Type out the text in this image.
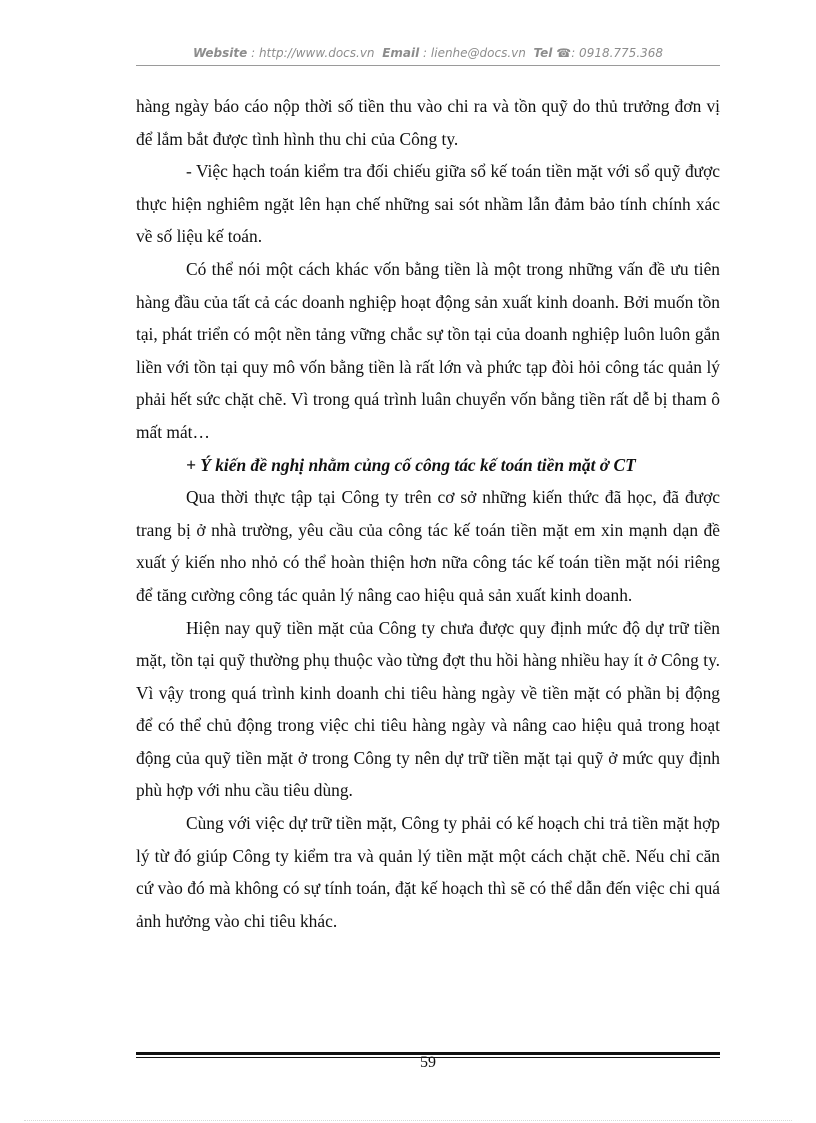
Website : http://www.docs.vn Email : lienhe@docs.vn Tel ☎: 0918.775.368

hàng ngày báo cáo nộp thời số tiền thu vào chi ra và tồn quỹ do thủ trưởng đơn vị để lắm bắt được tình hình thu chi của Công ty.

- Việc hạch toán kiểm tra đối chiếu giữa sổ kế toán tiền mặt với sổ quỹ được thực hiện nghiêm ngặt lên hạn chế những sai sót nhầm lẫn đảm bảo tính chính xác về số liệu kế toán.

Có thể nói một cách khác vốn bằng tiền là một trong những vấn đề ưu tiên hàng đầu của tất cả các doanh nghiệp hoạt động sản xuất kinh doanh. Bởi muốn tồn tại, phát triển có một nền tảng vững chắc sự tồn tại của doanh nghiệp luôn luôn gắn liền với tồn tại quy mô vốn bằng tiền là rất lớn và phức tạp đòi hỏi công tác quản lý phải hết sức chặt chẽ. Vì trong quá trình luân chuyển vốn bằng tiền rất dễ bị tham ô mất mát…

+ Ý kiến đề nghị nhằm củng cố công tác kế toán tiền mặt ở CT

Qua thời thực tập tại Công ty trên cơ sở những kiến thức đã học, đã được trang bị ở nhà trường, yêu cầu của công tác kế toán tiền mặt em xin mạnh dạn đề xuất ý kiến nho nhỏ có thể hoàn thiện hơn nữa công tác kế toán tiền mặt nói riêng để tăng cường công tác quản lý nâng cao hiệu quả sản xuất kinh doanh.

Hiện nay quỹ tiền mặt của Công ty chưa được quy định mức độ dự trữ tiền mặt, tồn tại quỹ thường phụ thuộc vào từng đợt thu hồi hàng nhiều hay ít ở Công ty. Vì vậy trong quá trình kinh doanh chi tiêu hàng ngày về tiền mặt có phần bị động để có thể chủ động trong việc chi tiêu hàng ngày và nâng cao hiệu quả trong hoạt động của quỹ tiền mặt ở trong Công ty nên dự trữ tiền mặt tại quỹ ở mức quy định phù hợp với nhu cầu tiêu dùng.

Cùng với việc dự trữ tiền mặt, Công ty phải có kế hoạch chi trả tiền mặt hợp lý từ đó giúp Công ty kiểm tra và quản lý tiền mặt một cách chặt chẽ. Nếu chỉ căn cứ vào đó mà không có sự tính toán, đặt kế hoạch thì sẽ có thể dẫn đến việc chi quá ảnh hưởng vào chi tiêu khác.

59
